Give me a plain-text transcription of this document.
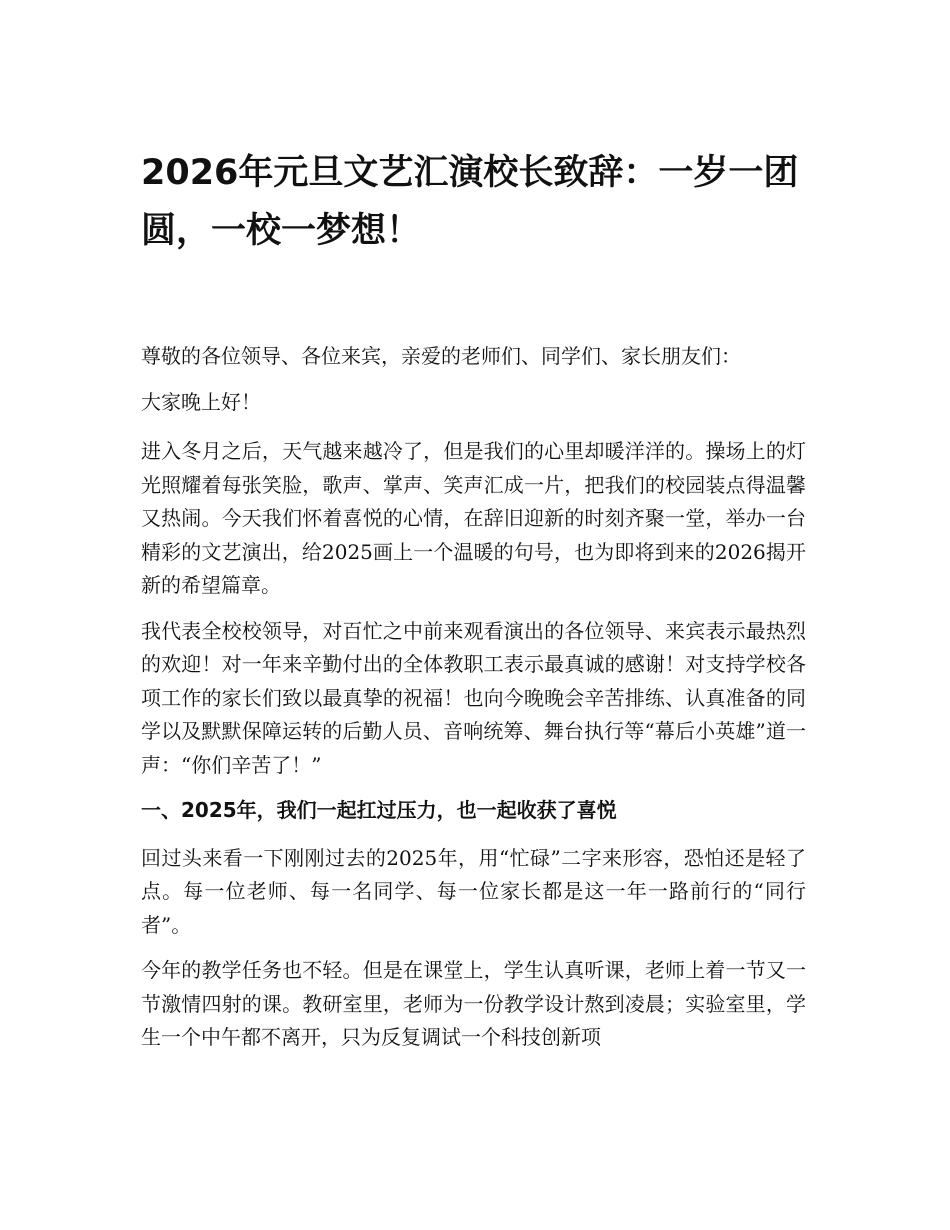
2026年元旦文艺汇演校长致辞：一岁一团圆，一校一梦想！

尊敬的各位领导、各位来宾，亲爱的老师们、同学们、家长朋友们：

大家晚上好！

进入冬月之后，天气越来越冷了，但是我们的心里却暖洋洋的。操场上的灯光照耀着每张笑脸，歌声、掌声、笑声汇成一片，把我们的校园装点得温馨又热闹。今天我们怀着喜悦的心情，在辞旧迎新的时刻齐聚一堂，举办一台精彩的文艺演出，给2025画上一个温暖的句号，也为即将到来的2026揭开新的希望篇章。

我代表全校校领导，对百忙之中前来观看演出的各位领导、来宾表示最热烈的欢迎！对一年来辛勤付出的全体教职工表示最真诚的感谢！对支持学校各项工作的家长们致以最真挚的祝福！也向今晚晚会辛苦排练、认真准备的同学以及默默保障运转的后勤人员、音响统筹、舞台执行等“幕后小英雄”道一声：“你们辛苦了！”

一、2025年，我们一起扛过压力，也一起收获了喜悦

回过头来看一下刚刚过去的2025年，用“忙碌”二字来形容，恐怕还是轻了点。每一位老师、每一名同学、每一位家长都是这一年一路前行的“同行者”。

今年的教学任务也不轻。但是在课堂上，学生认真听课，老师上着一节又一节激情四射的课。教研室里，老师为一份教学设计熬到凌晨；实验室里，学生一个中午都不离开，只为反复调试一个科技创新项
